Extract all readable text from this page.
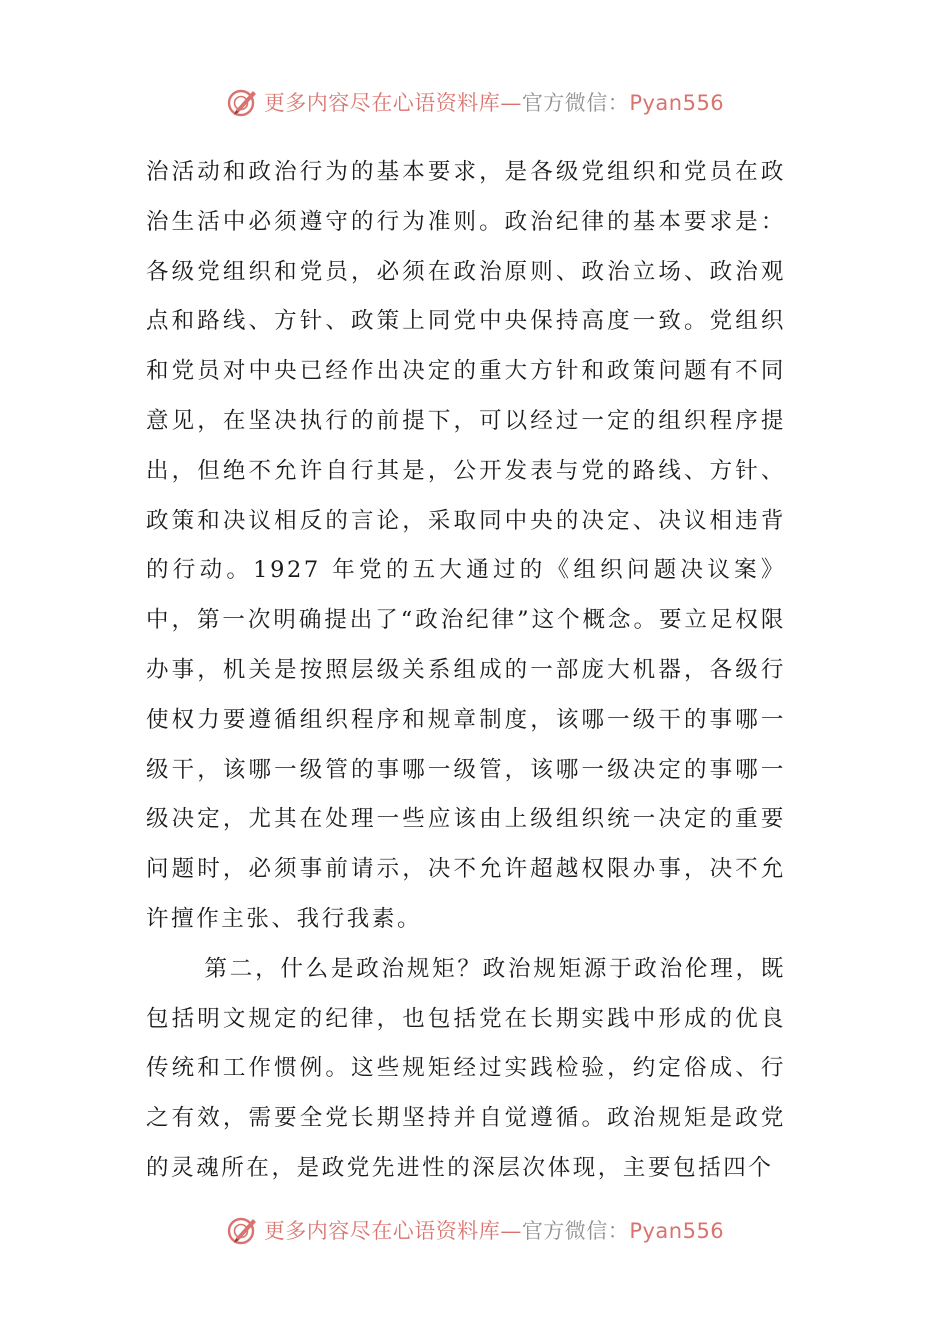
更多内容尽在心语资料库—官方微信：Pyan556

治活动和政治行为的基本要求，是各级党组织和党员在政治生活中必须遵守的行为准则。政治纪律的基本要求是：各级党组织和党员，必须在政治原则、政治立场、政治观点和路线、方针、政策上同党中央保持高度一致。党组织和党员对中央已经作出决定的重大方针和政策问题有不同意见，在坚决执行的前提下，可以经过一定的组织程序提出，但绝不允许自行其是，公开发表与党的路线、方针、政策和决议相反的言论，采取同中央的决定、决议相违背的行动。1927 年党的五大通过的《组织问题决议案》中，第一次明确提出了“政治纪律”这个概念。要立足权限办事，机关是按照层级关系组成的一部庞大机器，各级行使权力要遵循组织程序和规章制度，该哪一级干的事哪一级干，该哪一级管的事哪一级管，该哪一级决定的事哪一级决定，尤其在处理一些应该由上级组织统一决定的重要问题时，必须事前请示，决不允许超越权限办事，决不允许擅作主张、我行我素。

第二，什么是政治规矩？政治规矩源于政治伦理，既包括明文规定的纪律，也包括党在长期实践中形成的优良传统和工作惯例。这些规矩经过实践检验，约定俗成、行之有效，需要全党长期坚持并自觉遵循。政治规矩是政党的灵魂所在，是政党先进性的深层次体现，主要包括四个

更多内容尽在心语资料库—官方微信：Pyan556
